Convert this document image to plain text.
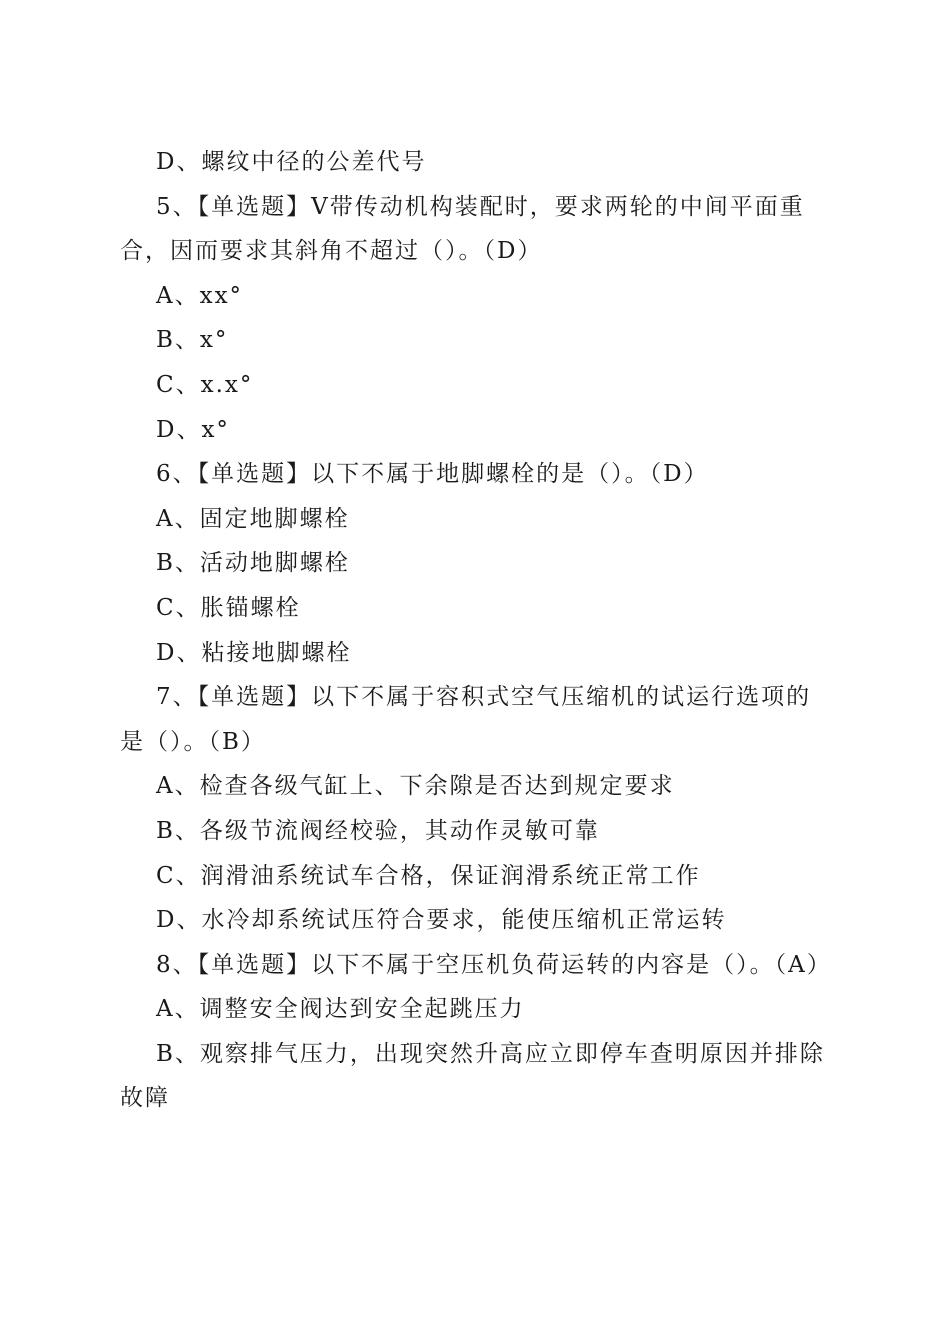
D、螺纹中径的公差代号

5、【单选题】V带传动机构装配时，要求两轮的中间平面重合，因而要求其斜角不超过（）。（D）

A、xx°

B、x°

C、x.x°

D、x°

6、【单选题】以下不属于地脚螺栓的是（）。（D）

A、固定地脚螺栓

B、活动地脚螺栓

C、胀锚螺栓

D、粘接地脚螺栓

7、【单选题】以下不属于容积式空气压缩机的试运行选项的是（）。（B）

A、检查各级气缸上、下余隙是否达到规定要求

B、各级节流阀经校验，其动作灵敏可靠

C、润滑油系统试车合格，保证润滑系统正常工作

D、水冷却系统试压符合要求，能使压缩机正常运转

8、【单选题】以下不属于空压机负荷运转的内容是（）。（A）

A、调整安全阀达到安全起跳压力

B、观察排气压力，出现突然升高应立即停车查明原因并排除故障
